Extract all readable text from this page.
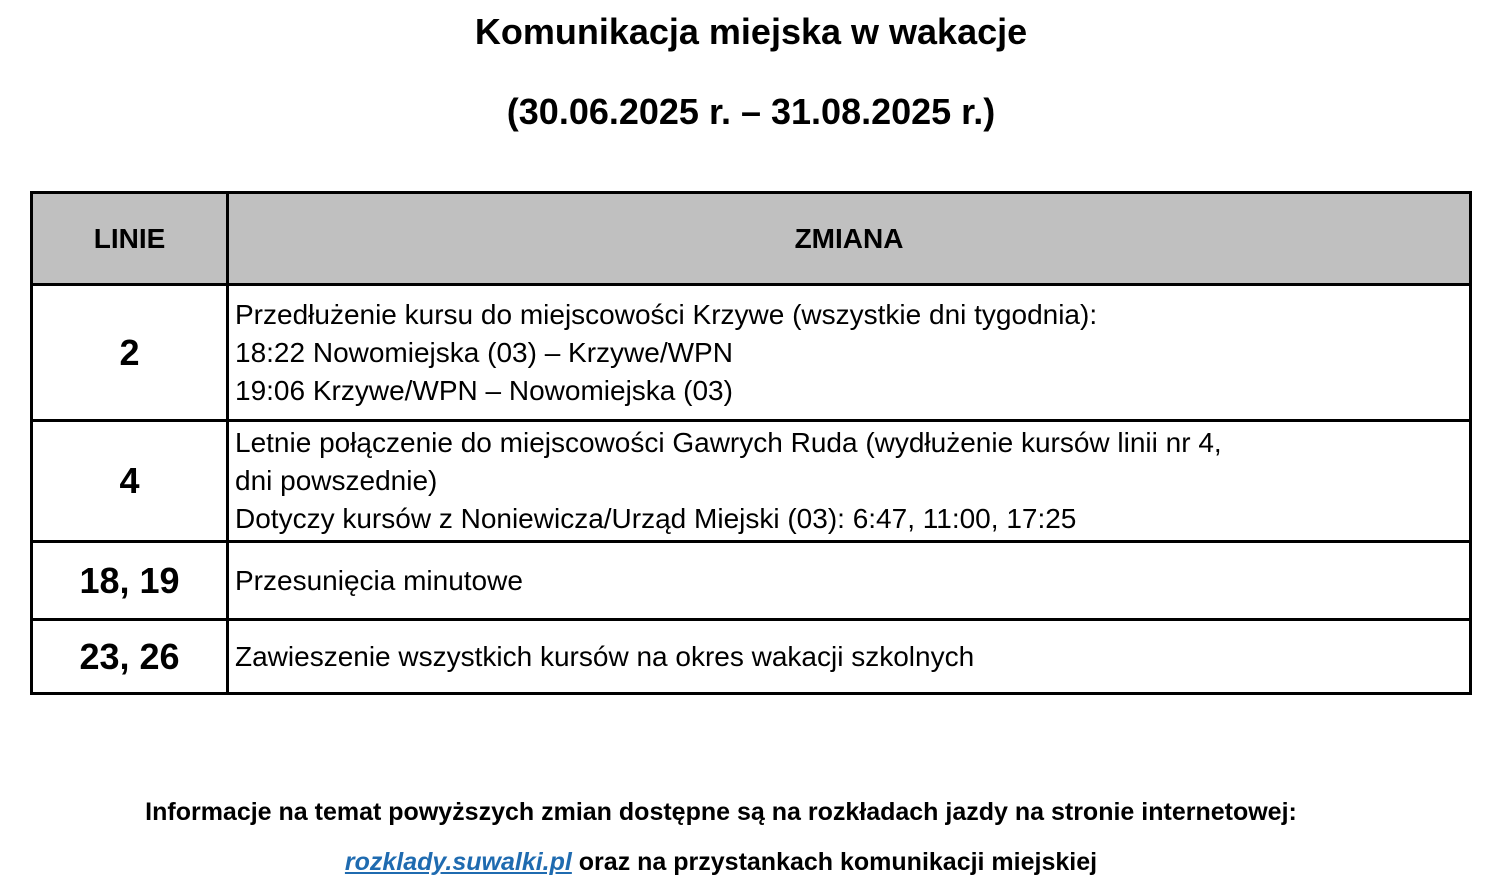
Komunikacja miejska w wakacje
(30.06.2025 r. – 31.08.2025 r.)
LINIE	ZMIANA
2	Przedłużenie kursu do miejscowości Krzywe (wszystkie dni tygodnia):
18:22 Nowomiejska (03) – Krzywe/WPN
19:06 Krzywe/WPN – Nowomiejska (03)

4	Letnie połączenie do miejscowości Gawrych Ruda (wydłużenie kursów linii nr 4,
dni powszednie)
Dotyczy kursów z Noniewicza/Urząd Miejski (03): 6:47, 11:00, 17:25

18, 19	Przesunięcia minutowe

23, 26	Zawieszenie wszystkich kursów na okres wakacji szkolnych
Informacje na temat powyższych zmian dostępne są na rozkładach jazdy na stronie internetowej:
rozklady.suwalki.pl oraz na przystankach komunikacji miejskiej
